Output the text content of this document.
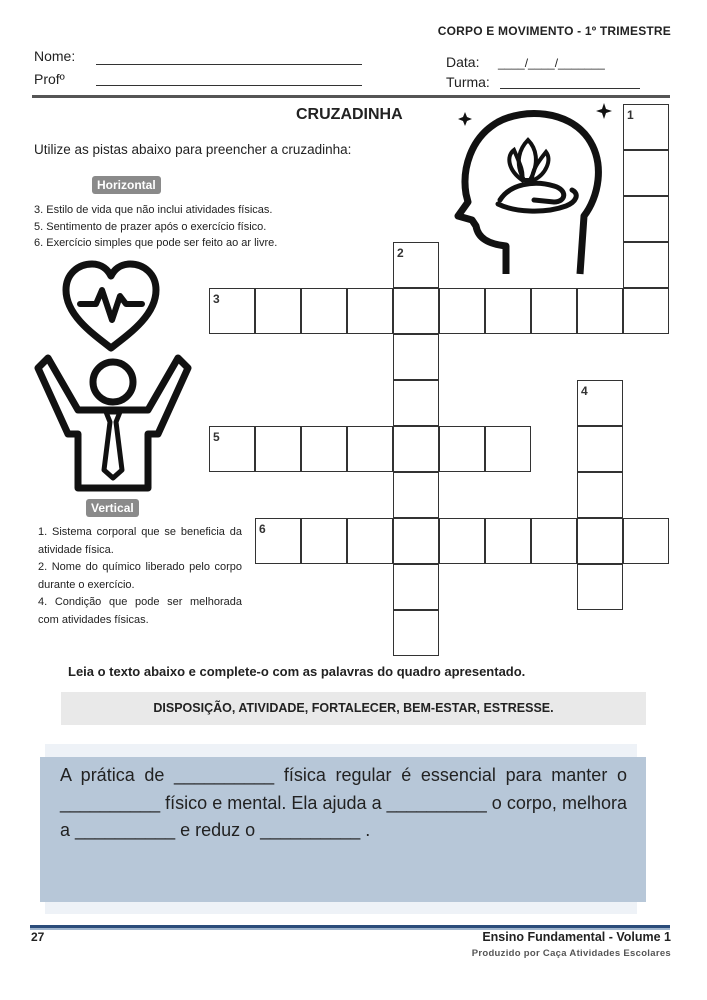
CORPO E MOVIMENTO - 1º TRIMESTRE
Nome:
Profº
Data: ____/____/_______
Turma:
CRUZADINHA
Utilize as pistas abaixo para preencher a cruzadinha:
Horizontal
3. Estilo de vida que não inclui atividades físicas.
5. Sentimento de prazer após o exercício físico.
6. Exercício simples que pode ser feito ao ar livre.
Vertical
1. Sistema corporal que se beneficia da atividade física.
2. Nome do químico liberado pelo corpo durante o exercício.
4. Condição que pode ser melhorada com atividades físicas.
1
2
3
4
5
6
Leia o texto abaixo e complete-o com as palavras do quadro apresentado.
DISPOSIÇÃO, ATIVIDADE, FORTALECER, BEM-ESTAR, ESTRESSE.
A prática de __________ física regular é essencial para manter o __________ físico e mental. Ela ajuda a __________ o corpo, melhora a __________ e reduz o __________ .
27	Ensino Fundamental - Volume 1
Produzido por Caça Atividades Escolares
